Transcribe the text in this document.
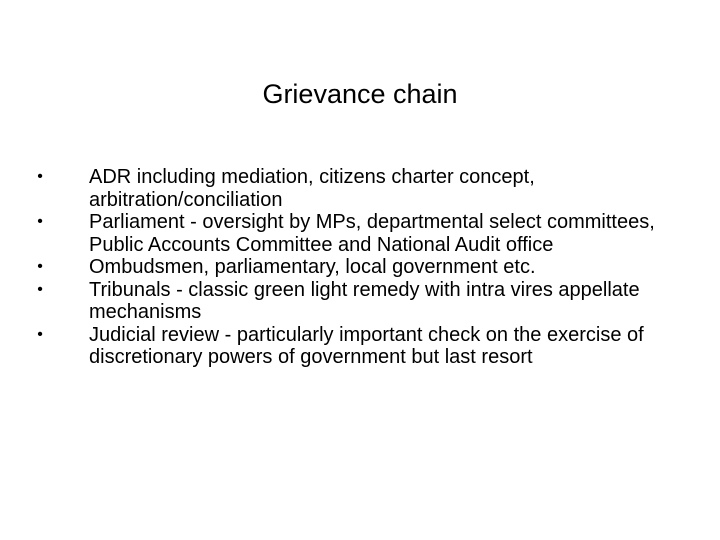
Grievance chain
•	ADR including mediation, citizens charter concept, arbitration/conciliation
•	Parliament - oversight by MPs, departmental select committees, Public Accounts Committee and National Audit office
•	Ombudsmen, parliamentary, local government etc.
•	Tribunals - classic green light remedy with intra vires appellate mechanisms
•	Judicial review - particularly important check on the exercise of discretionary powers of government but last resort
